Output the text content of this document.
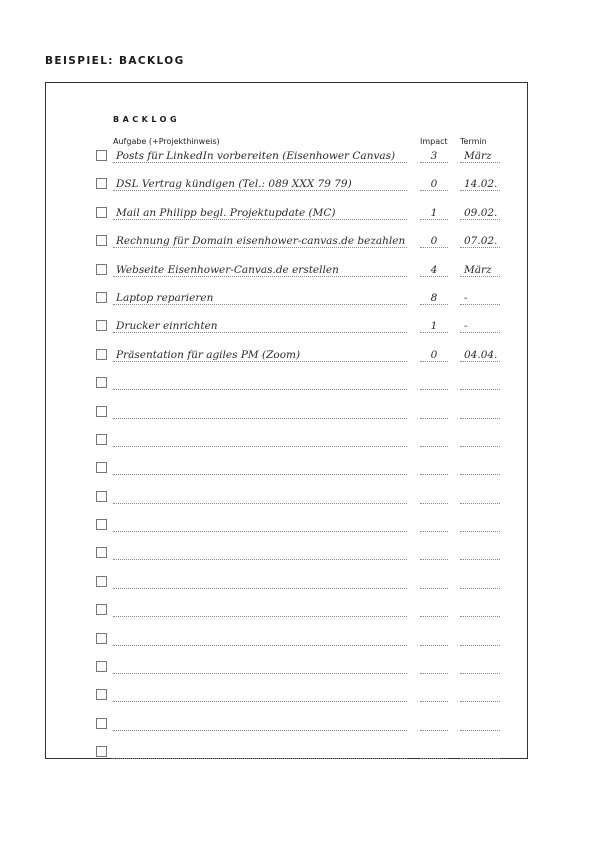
BEISPIEL: BACKLOG
BACKLOG
Aufgabe (+Projekthinweis)	Impact Termin
Posts für LinkedIn vorbereiten (Eisenhower Canvas)	3	März
DSL Vertrag kündigen (Tel.: 089 XXX 79 79)	0	14.02.
Mail an Philipp begl. Projektupdate (MC)	1	09.02.
Rechnung für Domain eisenhower-canvas.de bezahlen	0	07.02.
Webseite Eisenhower-Canvas.de erstellen	4	März
Laptop reparieren	8	-
Drucker einrichten	1	-
Präsentation für agiles PM (Zoom)	0	04.04.
